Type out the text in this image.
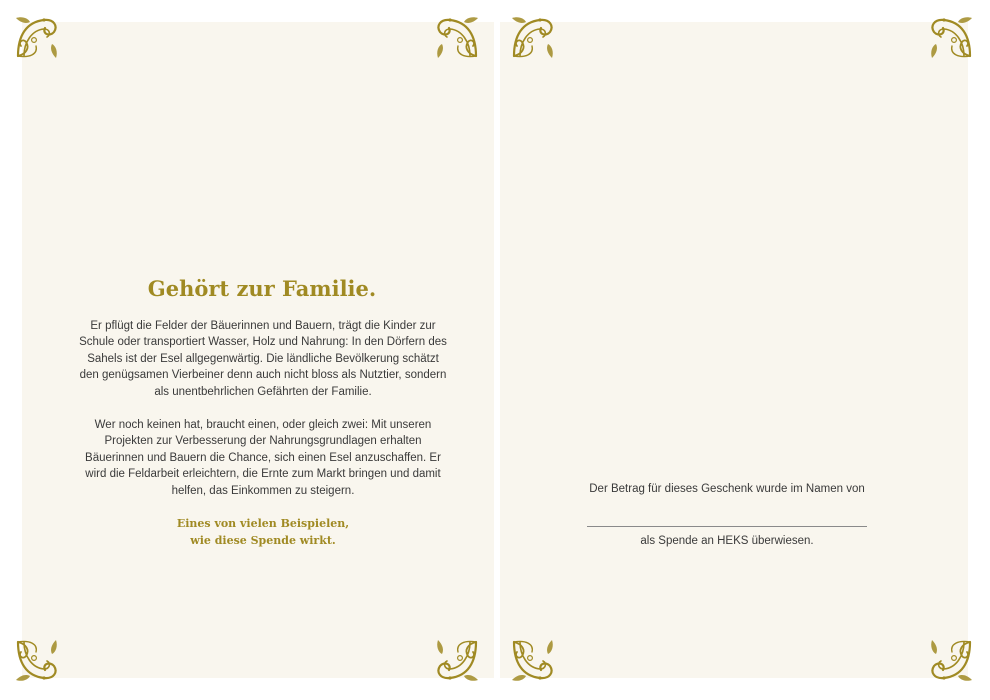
Gehört zur Familie.

Er pflügt die Felder der Bäuerinnen und Bauern, trägt die Kinder zur Schule oder transportiert Wasser, Holz und Nahrung: In den Dörfern des Sahels ist der Esel allgegenwärtig. Die ländliche Bevölkerung schätzt den genügsamen Vierbeiner denn auch nicht bloss als Nutztier, sondern als unentbehrlichen Gefährten der Familie.

Wer noch keinen hat, braucht einen, oder gleich zwei: Mit unseren Projekten zur Verbesserung der Nahrungsgrundlagen erhalten Bäuerinnen und Bauern die Chance, sich einen Esel anzuschaffen. Er wird die Feldarbeit erleichtern, die Ernte zum Markt bringen und damit helfen, das Einkommen zu steigern.

Eines von vielen Beispielen,
wie diese Spende wirkt.

Der Betrag für dieses Geschenk wurde im Namen von

als Spende an HEKS überwiesen.
